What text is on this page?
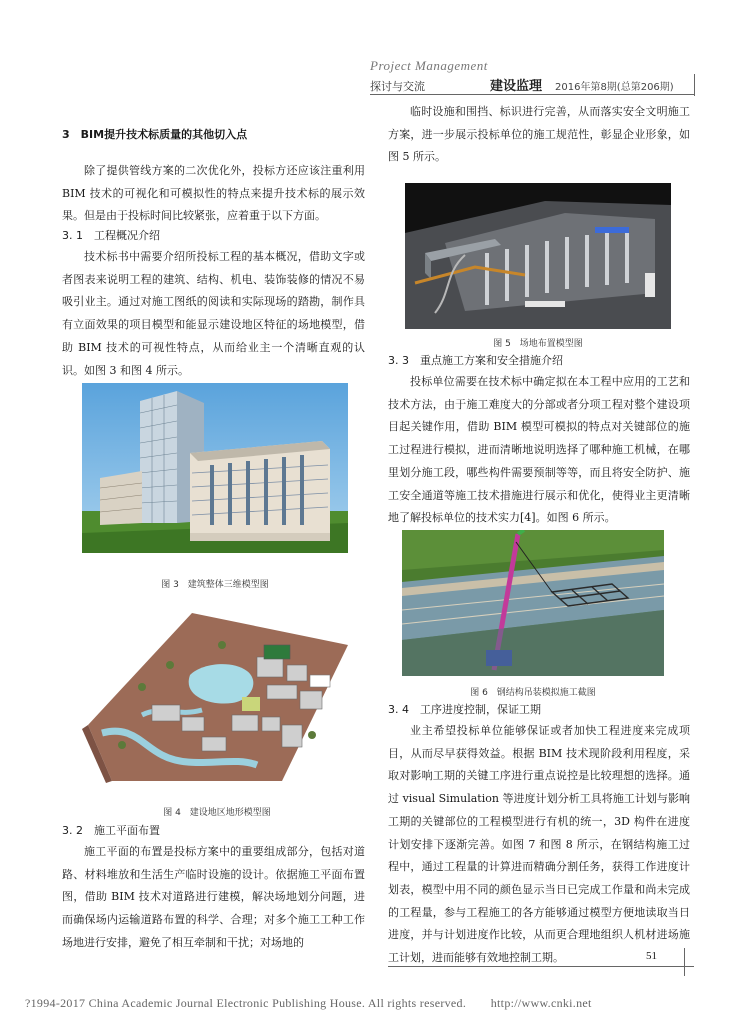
Project Management
探讨与交流	建设监理 2016年第8期(总第206期)
3　BIM提升技术标质量的其他切入点
除了提供管线方案的二次优化外，投标方还应该注重利用 BIM 技术的可视化和可模拟性的特点来提升技术标的展示效果。但是由于投标时间比较紧张，应着重于以下方面。
3. 1　工程概况介绍
技术标书中需要介绍所投标工程的基本概况，借助文字或者图表来说明工程的建筑、结构、机电、装饰装修的情况不易吸引业主。通过对施工图纸的阅读和实际现场的踏勘，制作具有立面效果的项目模型和能显示建设地区特征的场地模型，借助 BIM 技术的可视性特点，从而给业主一个清晰直观的认识。如图 3 和图 4 所示。
图 3　建筑整体三维模型图
图 4　建设地区地形模型图
3. 2　施工平面布置
施工平面的布置是投标方案中的重要组成部分，包括对道路、材料堆放和生活生产临时设施的设计。依据施工平面布置图，借助 BIM 技术对道路进行建模，解决场地划分问题，进而确保场内运输道路布置的科学、合理；对多个施工工种工作场地进行安排，避免了相互牵制和干扰；对场地的
临时设施和围挡、标识进行完善，从而落实安全文明施工方案，进一步展示投标单位的施工规范性，彰显企业形象，如图 5 所示。
图 5　场地布置模型图
3. 3　重点施工方案和安全措施介绍
投标单位需要在技术标中确定拟在本工程中应用的工艺和技术方法，由于施工难度大的分部或者分项工程对整个建设项目起关键作用，借助 BIM 模型可模拟的特点对关键部位的施工过程进行模拟，进而清晰地说明选择了哪种施工机械，在哪里划分施工段，哪些构件需要预制等等，而且将安全防护、施工安全通道等施工技术措施进行展示和优化，使得业主更清晰地了解投标单位的技术实力[4]。如图 6 所示。
图 6　钢结构吊装模拟施工截图
3. 4　工序进度控制，保证工期
业主希望投标单位能够保证或者加快工程进度来完成项目，从而尽早获得效益。根据 BIM 技术现阶段利用程度，采取对影响工期的关键工序进行重点说控是比较理想的选择。通过 visual Simulation 等进度计划分析工具将施工计划与影响工期的关键部位的工程模型进行有机的统一，3D 构件在进度计划安排下逐渐完善。如图 7 和图 8 所示，在钢结构施工过程中，通过工程量的计算进而精确分割任务，获得工作进度计划表，模型中用不同的颜色显示当日已完成工作量和尚未完成的工程量，参与工程施工的各方能够通过模型方便地读取当日进度，并与计划进度作比较，从而更合理地组织人机材进场施工计划，进而能够有效地控制工期。	51
?1994-2017 China Academic Journal Electronic Publishing House. All rights reserved.　　http://www.cnki.net
